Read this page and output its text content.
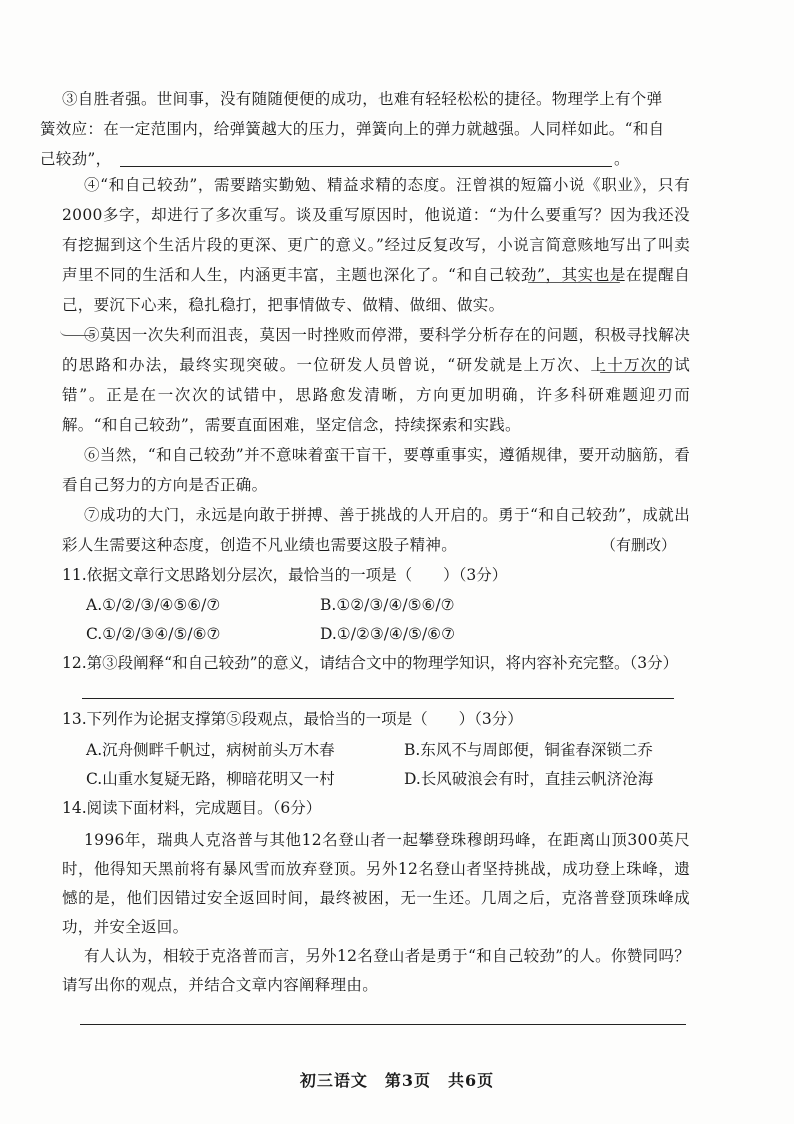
③自胜者强。世间事，没有随随便便的成功，也难有轻轻松松的捷径。物理学上有个弹
簧效应：在一定范围内，给弹簧越大的压力，弹簧向上的弹力就越强。人同样如此。“和自
己较劲”，	。
④“和自己较劲”，需要踏实勤勉、精益求精的态度。汪曾祺的短篇小说《职业》，只有2000多字，却进行了多次重写。谈及重写原因时，他说道：“为什么要重写？因为我还没有挖掘到这个生活片段的更深、更广的意义。”经过反复改写，小说言简意赅地写出了叫卖声里不同的生活和人生，内涵更丰富，主题也深化了。“和自己较劲”，其实也是在提醒自己，要沉下心来，稳扎稳打，把事情做专、做精、做细、做实。
⑤莫因一次失利而沮丧，莫因一时挫败而停滞，要科学分析存在的问题，积极寻找解决的思路和办法，最终实现突破。一位研发人员曾说，“研发就是上万次、上十万次的试错”。正是在一次次的试错中，思路愈发清晰，方向更加明确，许多科研难题迎刃而解。“和自己较劲”，需要直面困难，坚定信念，持续探索和实践。
⑥当然，“和自己较劲”并不意味着蛮干盲干，要尊重事实，遵循规律，要开动脑筋，看看自己努力的方向是否正确。
⑦成功的大门，永远是向敢于拼搏、善于挑战的人开启的。勇于“和自己较劲”，成就出彩人生需要这种态度，创造不凡业绩也需要这股子精神。	（有删改）
11.依据文章行文思路划分层次，最恰当的一项是（　　）（3分）
A.①/②/③/④⑤⑥/⑦	B.①②/③/④/⑤⑥/⑦
C.①/②/③④/⑤/⑥⑦	D.①/②③/④/⑤/⑥⑦
12.第③段阐释“和自己较劲”的意义，请结合文中的物理学知识，将内容补充完整。（3分）
13.下列作为论据支撑第⑤段观点，最恰当的一项是（　　）（3分）
A.沉舟侧畔千帆过，病树前头万木春	B.东风不与周郎便，铜雀春深锁二乔
C.山重水复疑无路，柳暗花明又一村	D.长风破浪会有时，直挂云帆济沧海
14.阅读下面材料，完成题目。（6分）
1996年，瑞典人克洛普与其他12名登山者一起攀登珠穆朗玛峰，在距离山顶300英尺时，他得知天黑前将有暴风雪而放弃登顶。另外12名登山者坚持挑战，成功登上珠峰，遗憾的是，他们因错过安全返回时间，最终被困，无一生还。几周之后，克洛普登顶珠峰成功，并安全返回。
有人认为，相较于克洛普而言，另外12名登山者是勇于“和自己较劲”的人。你赞同吗？请写出你的观点，并结合文章内容阐释理由。
初三语文　第3页　共6页
